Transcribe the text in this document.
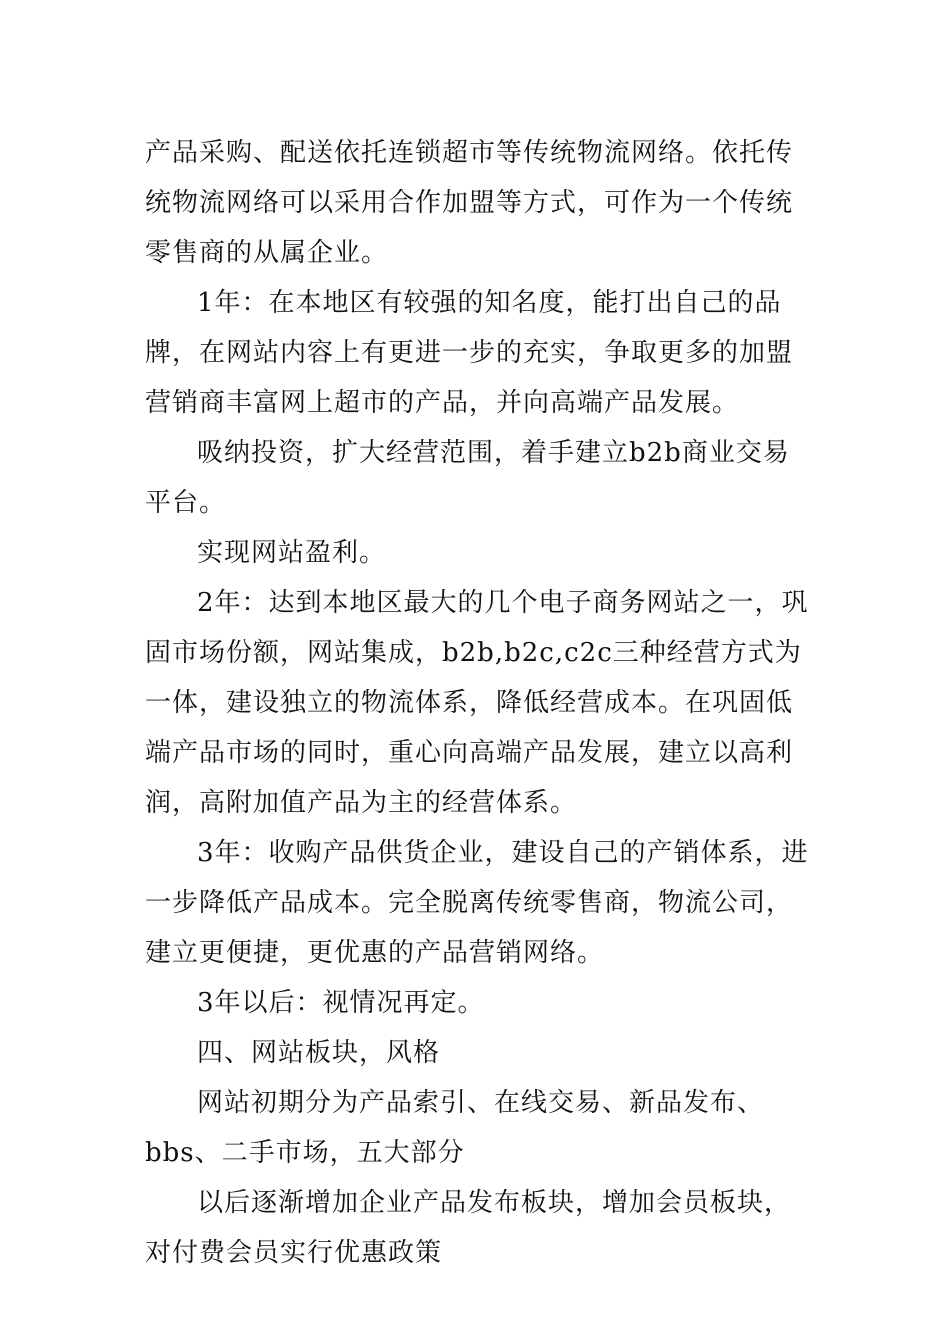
产品采购、配送依托连锁超市等传统物流网络。依托传统物流网络可以采用合作加盟等方式，可作为一个传统零售商的从属企业。

1年：在本地区有较强的知名度，能打出自己的品牌，在网站内容上有更进一步的充实，争取更多的加盟营销商丰富网上超市的产品，并向高端产品发展。

吸纳投资，扩大经营范围，着手建立b2b商业交易平台。

实现网站盈利。

2年：达到本地区最大的几个电子商务网站之一，巩固市场份额，网站集成，b2b,b2c,c2c三种经营方式为一体，建设独立的物流体系，降低经营成本。在巩固低端产品市场的同时，重心向高端产品发展，建立以高利润，高附加值产品为主的经营体系。

3年：收购产品供货企业，建设自己的产销体系，进一步降低产品成本。完全脱离传统零售商，物流公司，建立更便捷，更优惠的产品营销网络。

3年以后：视情况再定。

四、网站板块，风格

网站初期分为产品索引、在线交易、新品发布、bbs、二手市场，五大部分

以后逐渐增加企业产品发布板块，增加会员板块，对付费会员实行优惠政策
